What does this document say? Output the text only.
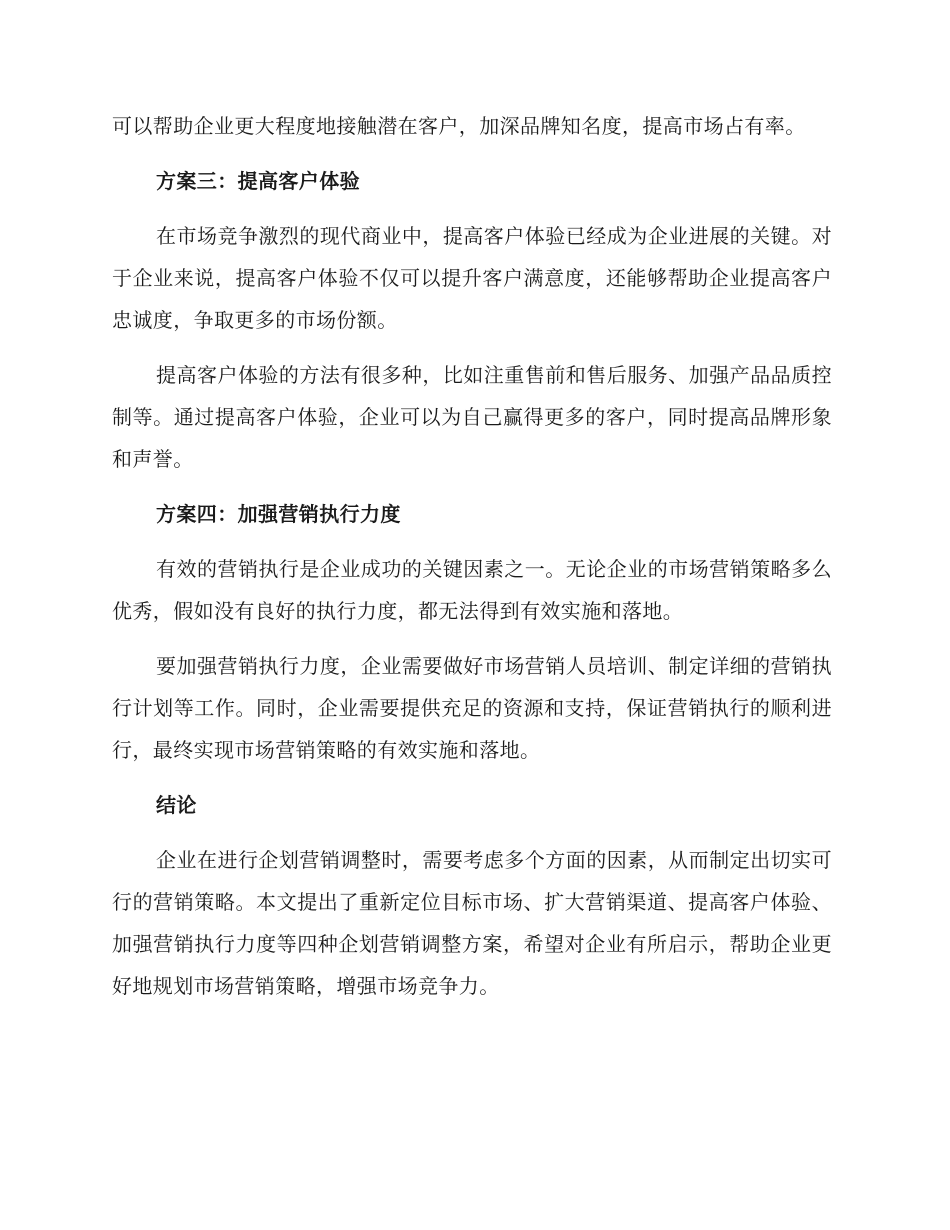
可以帮助企业更大程度地接触潜在客户，加深品牌知名度，提高市场占有率。

方案三：提高客户体验

在市场竞争激烈的现代商业中，提高客户体验已经成为企业进展的关键。对于企业来说，提高客户体验不仅可以提升客户满意度，还能够帮助企业提高客户忠诚度，争取更多的市场份额。

提高客户体验的方法有很多种，比如注重售前和售后服务、加强产品品质控制等。通过提高客户体验，企业可以为自己赢得更多的客户，同时提高品牌形象和声誉。

方案四：加强营销执行力度

有效的营销执行是企业成功的关键因素之一。无论企业的市场营销策略多么优秀，假如没有良好的执行力度，都无法得到有效实施和落地。

要加强营销执行力度，企业需要做好市场营销人员培训、制定详细的营销执行计划等工作。同时，企业需要提供充足的资源和支持，保证营销执行的顺利进行，最终实现市场营销策略的有效实施和落地。

结论

企业在进行企划营销调整时，需要考虑多个方面的因素，从而制定出切实可行的营销策略。本文提出了重新定位目标市场、扩大营销渠道、提高客户体验、加强营销执行力度等四种企划营销调整方案，希望对企业有所启示，帮助企业更好地规划市场营销策略，增强市场竞争力。
